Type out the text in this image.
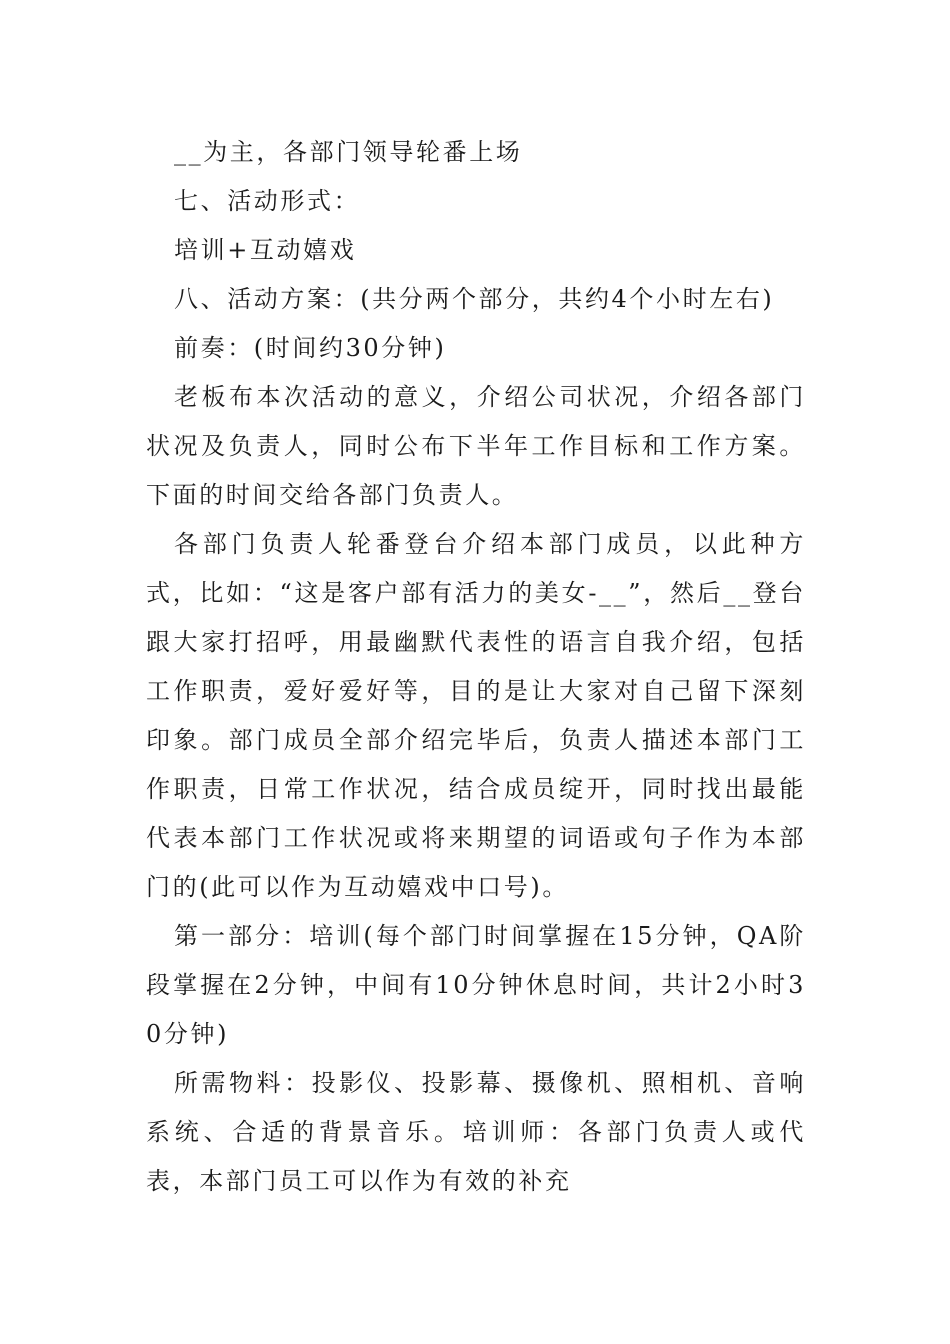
__为主，各部门领导轮番上场

七、活动形式：

培训+互动嬉戏

八、活动方案：(共分两个部分，共约4个小时左右)

前奏：(时间约30分钟)

老板布本次活动的意义，介绍公司状况，介绍各部门状况及负责人，同时公布下半年工作目标和工作方案。下面的时间交给各部门负责人。

各部门负责人轮番登台介绍本部门成员，以此种方式，比如：“这是客户部有活力的美女-__”，然后__登台跟大家打招呼，用最幽默代表性的语言自我介绍，包括工作职责，爱好爱好等，目的是让大家对自己留下深刻印象。部门成员全部介绍完毕后，负责人描述本部门工作职责，日常工作状况，结合成员绽开，同时找出最能代表本部门工作状况或将来期望的词语或句子作为本部门的(此可以作为互动嬉戏中口号)。

第一部分：培训(每个部门时间掌握在15分钟，QA阶段掌握在2分钟，中间有10分钟休息时间，共计2小时30分钟)

所需物料：投影仪、投影幕、摄像机、照相机、音响系统、合适的背景音乐。培训师：各部门负责人或代表，本部门员工可以作为有效的补充
